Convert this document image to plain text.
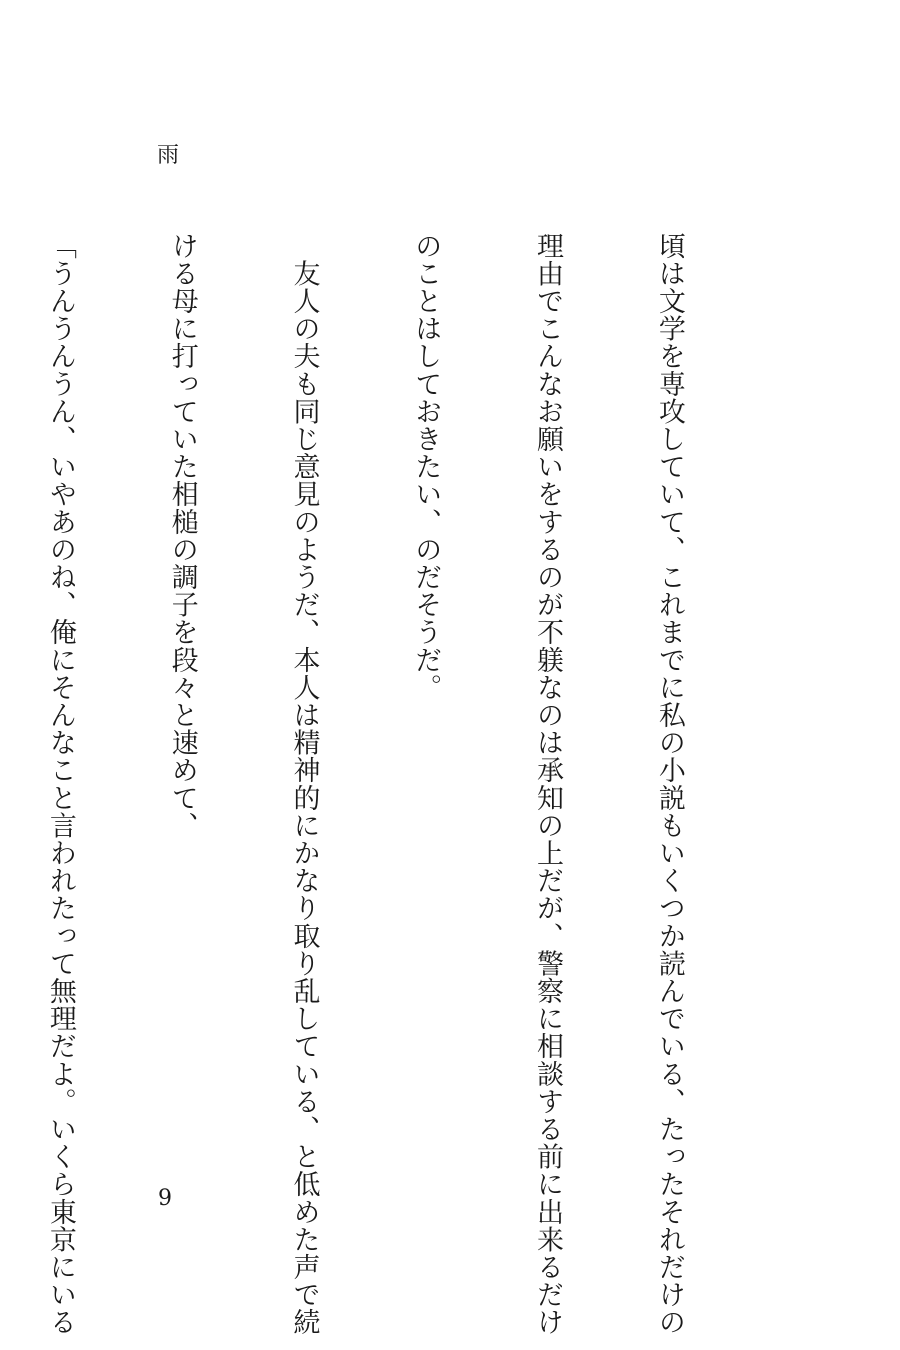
雨

頃は文学を専攻していて、これまでに私の小説もいくつか読んでいる、たったそれだけの

理由でこんなお願いをするのが不躾なのは承知の上だが、警察に相談する前に出来るだけ

のことはしておきたい、のだそうだ。

　友人の夫も同じ意見のようだ、本人は精神的にかなり取り乱している、と低めた声で続

ける母に打っていた相槌の調子を段々と速めて、

「うんうんうん、いやあのね、俺にそんなこと言われたって無理だよ。いくら東京にいる

	9
